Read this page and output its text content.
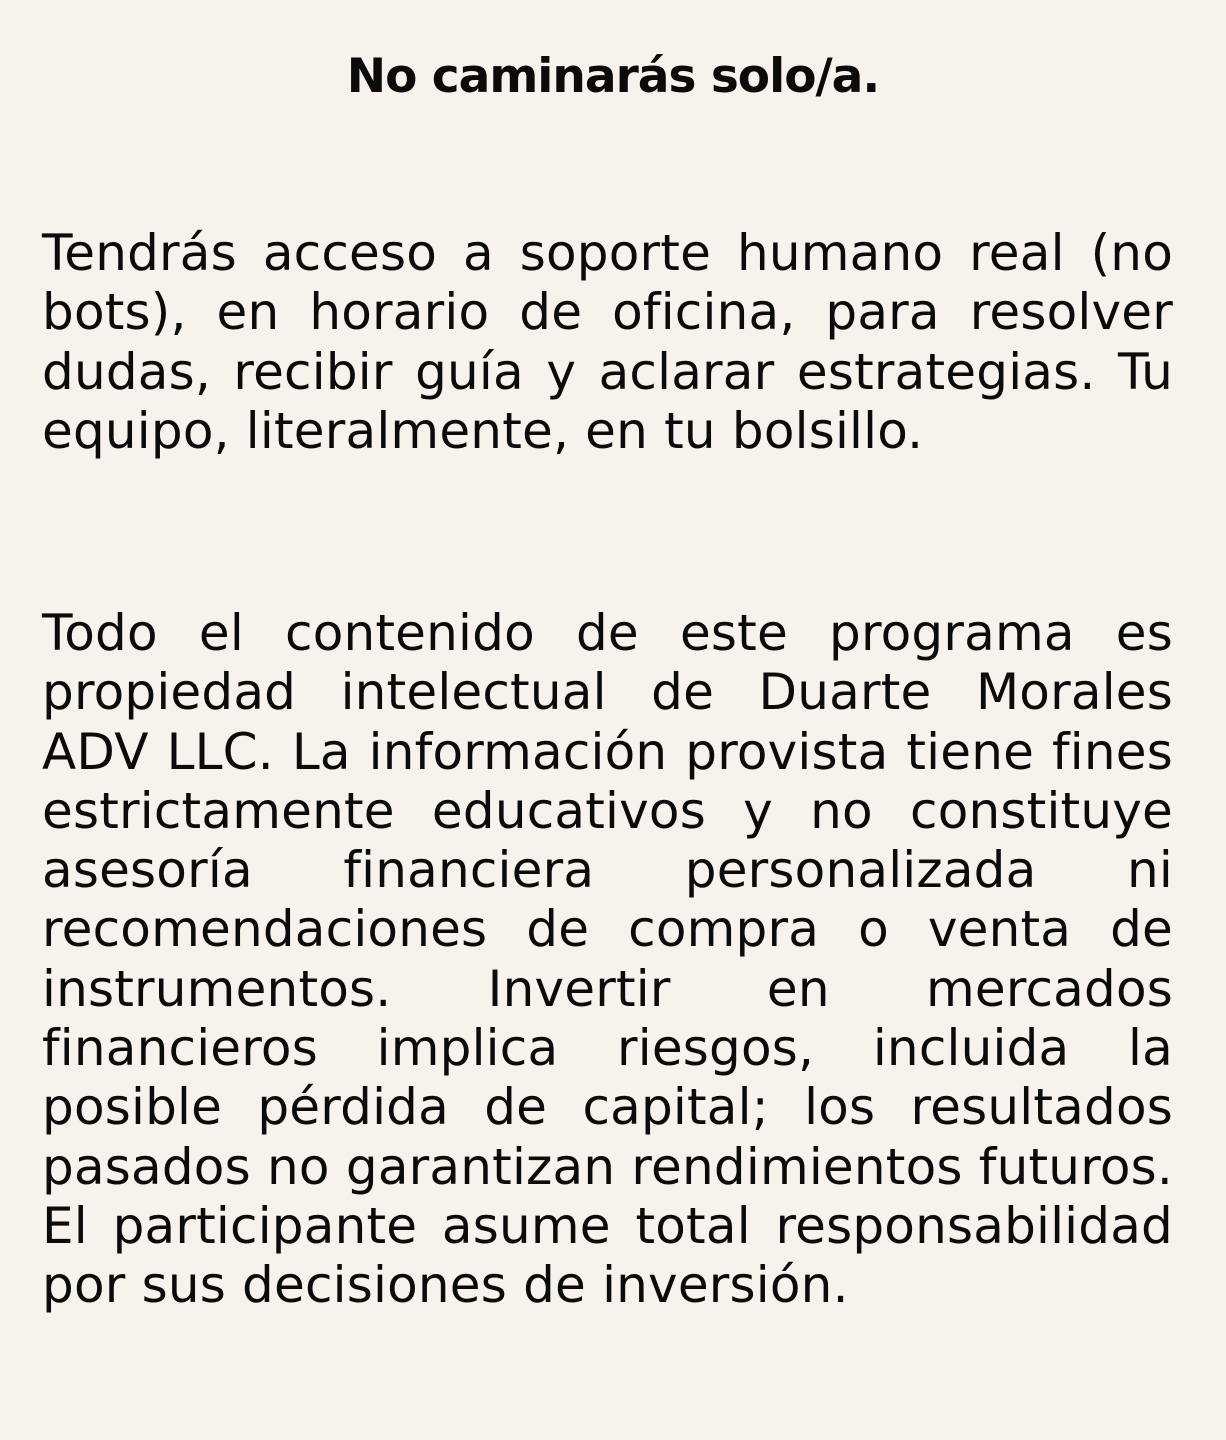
No caminarás solo/a.

Tendrás acceso a soporte humano real (no bots), en horario de oficina, para resolver dudas, recibir guía y aclarar estrategias. Tu equipo, literalmente, en tu bolsillo.

Todo el contenido de este programa es propiedad intelectual de Duarte Morales ADV LLC. La información provista tiene fines estrictamente educativos y no constituye asesoría financiera personalizada ni recomendaciones de compra o venta de instrumentos. Invertir en mercados financieros implica riesgos, incluida la posible pérdida de capital; los resultados pasados no garantizan rendimientos futuros. El participante asume total responsabilidad por sus decisiones de inversión.
